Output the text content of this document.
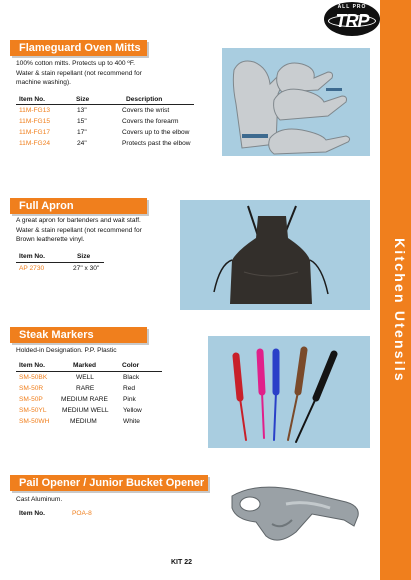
ALL PRO
TRP
Kitchen Utensils
Flameguard Oven Mitts
100% cotton mitts. Protects up to 400 ºF.
Water & stain repellant (not recommend for
machine washing).
Item No.	Size	Description
11M-FG13	13"	Covers the wrist
11M-FG15	15"	Covers the forearm
11M-FG17	17"	Covers up to the elbow
11M-FG24	24"	Protects past the elbow
Full Apron
A great apron for bartenders and wait staff.
Water & stain repellant (not recommend for
Brown leatherette vinyl.
Item No.	Size
AP 2730	27" x 30"
Steak Markers
Holded-in Designation. P.P. Plastic
Item No.	Marked	Color
SM-50BK	WELL	Black
SM-50R	RARE	Red
SM-50P	MEDIUM RARE Pink
SM-50YL MEDIUM WELL Yellow
SM-50WH	MEDIUM	White
Pail Opener / Junior Bucket Opener
Cast Aluminum.
Item No.	POA-8
KIT 22
